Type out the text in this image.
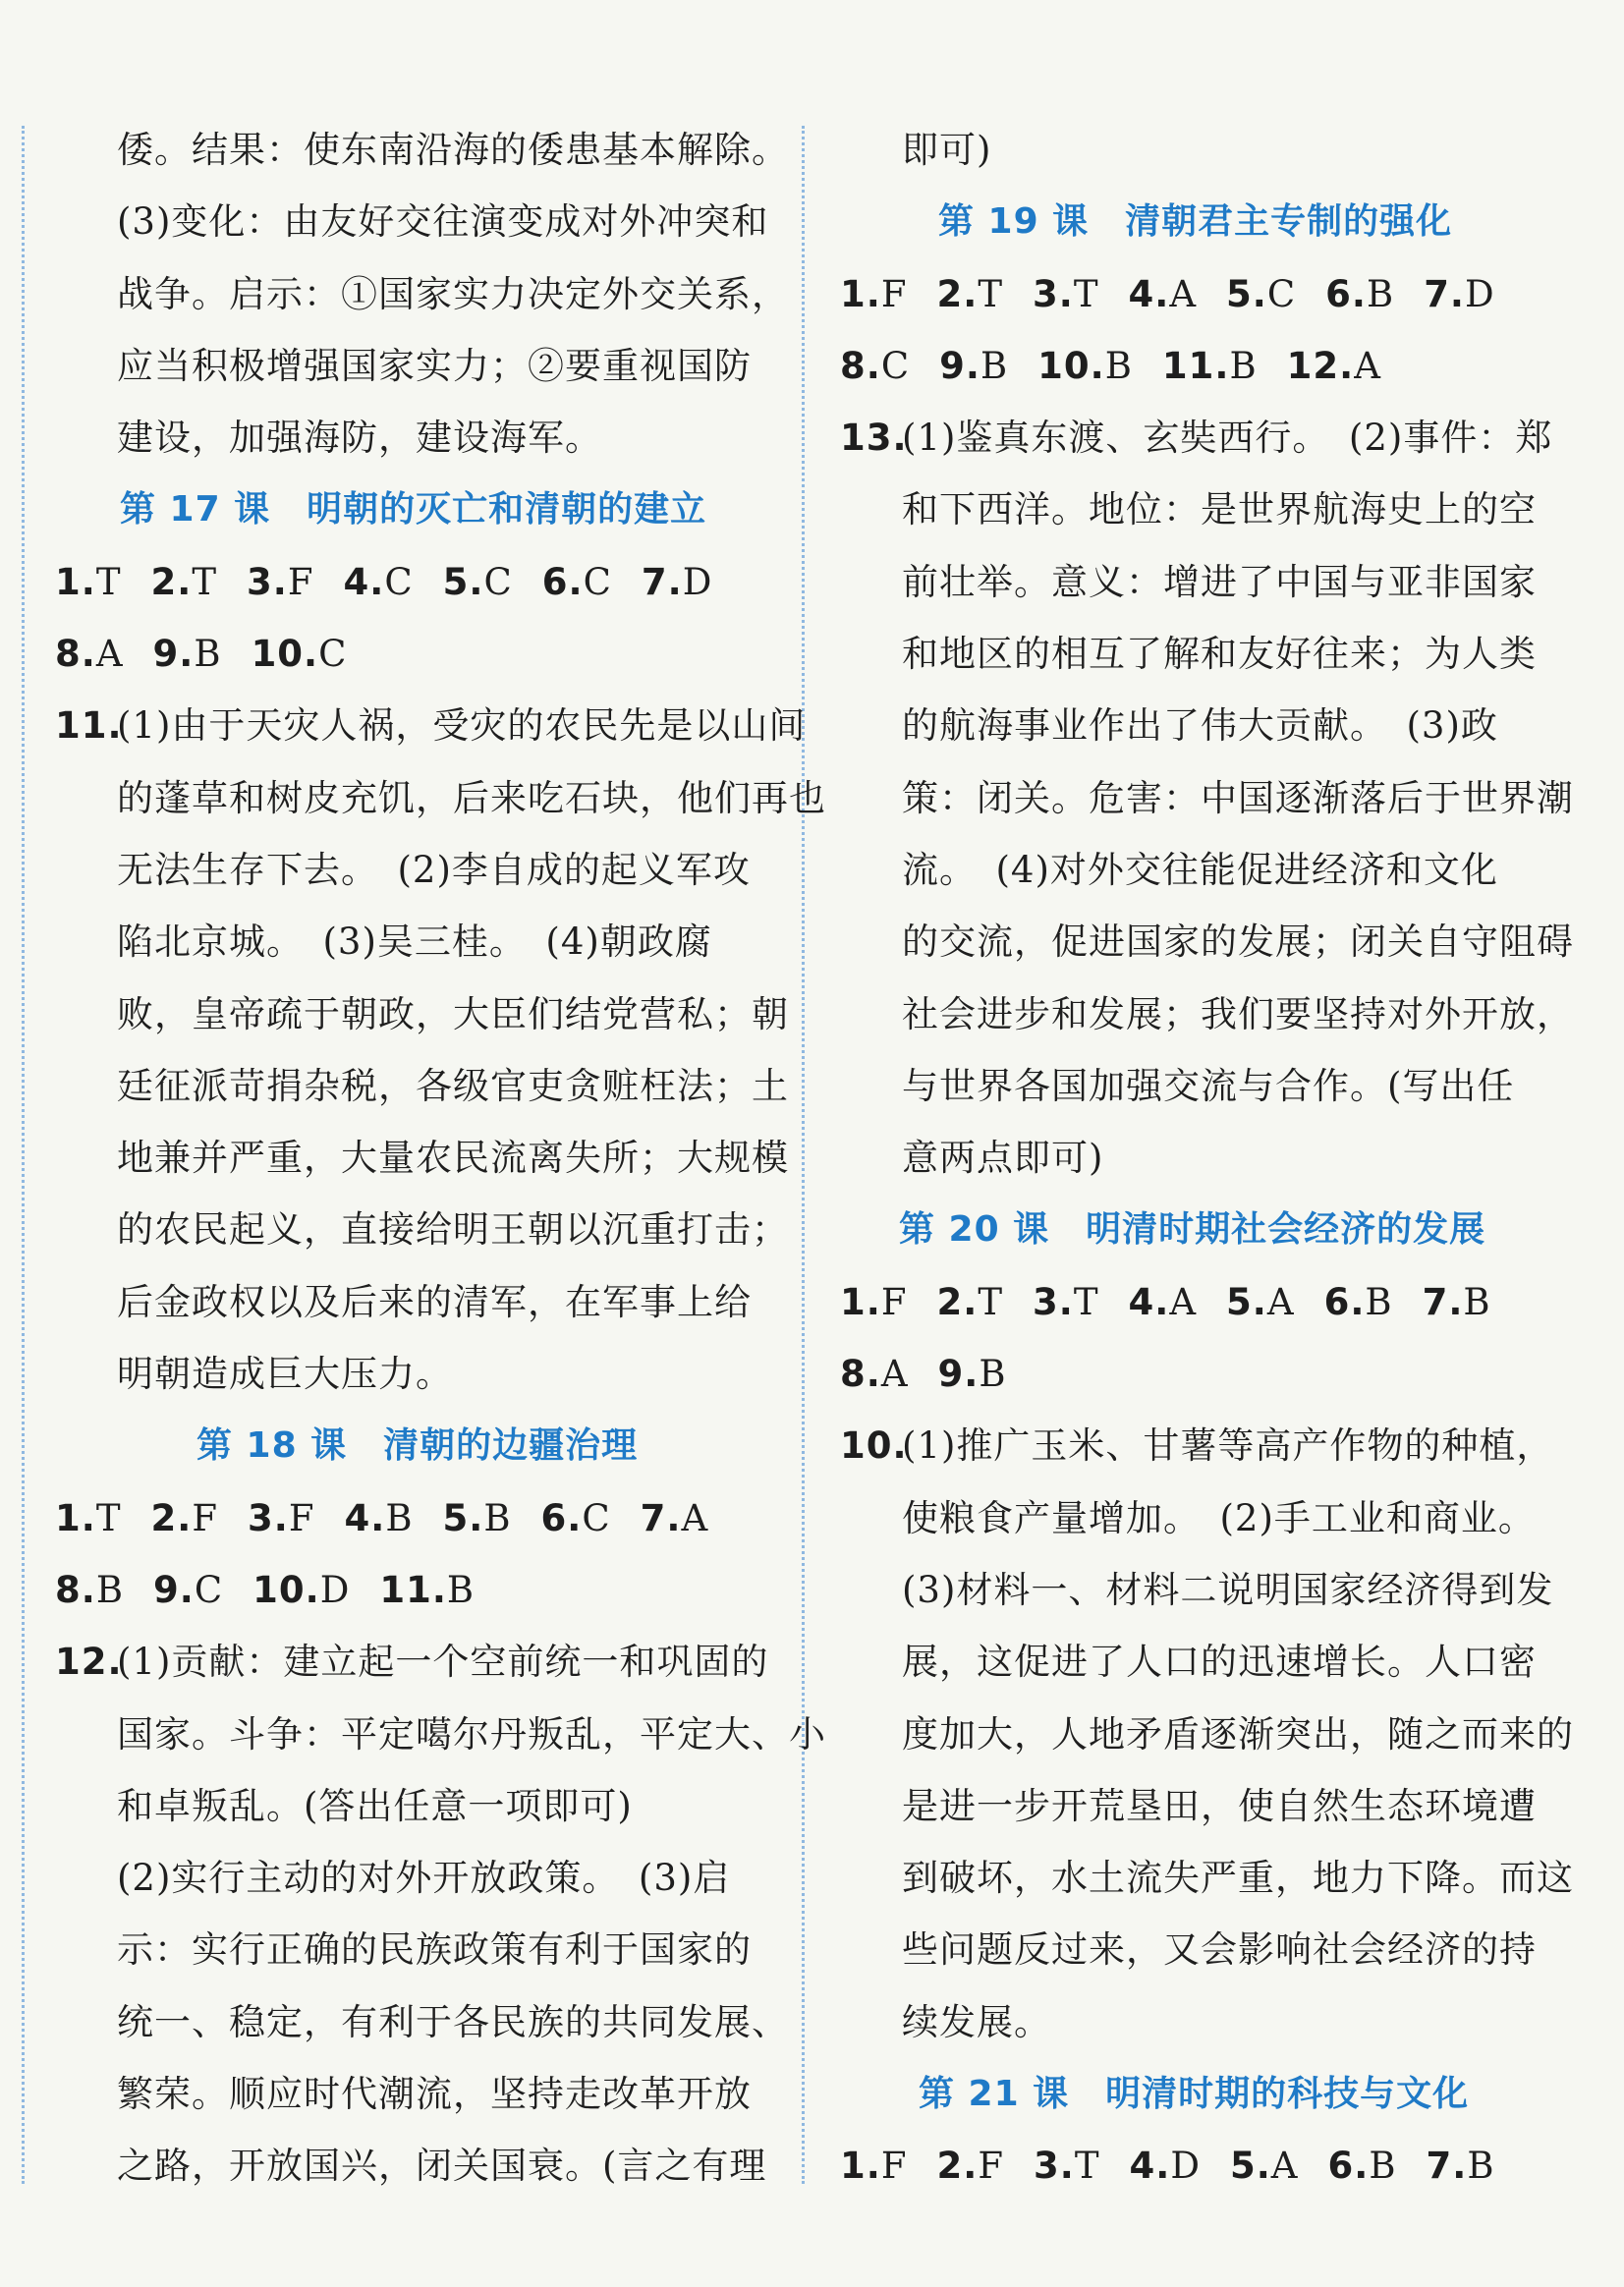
倭。结果：使东南沿海的倭患基本解除。
(3)变化：由友好交往演变成对外冲突和
战争。启示：①国家实力决定外交关系，
应当积极增强国家实力；②要重视国防
建设，加强海防，建设海军。
第 17 课　明朝的灭亡和清朝的建立
1.T 2.T 3.F 4.C 5.C 6.C 7.D
8.A 9.B 10.C
11.(1)由于天灾人祸，受灾的农民先是以山间
的蓬草和树皮充饥，后来吃石块，他们再也
无法生存下去。　(2)李自成的起义军攻
陷北京城。　(3)吴三桂。　(4)朝政腐
败，皇帝疏于朝政，大臣们结党营私；朝
廷征派苛捐杂税，各级官吏贪赃枉法；土
地兼并严重，大量农民流离失所；大规模
的农民起义，直接给明王朝以沉重打击；
后金政权以及后来的清军，在军事上给
明朝造成巨大压力。
第 18 课　清朝的边疆治理
1.T 2.F 3.F 4.B 5.B 6.C 7.A
8.B 9.C 10.D 11.B
12.(1)贡献：建立起一个空前统一和巩固的
国家。斗争：平定噶尔丹叛乱，平定大、小
和卓叛乱。(答出任意一项即可)
(2)实行主动的对外开放政策。　(3)启
示：实行正确的民族政策有利于国家的
统一、稳定，有利于各民族的共同发展、
繁荣。顺应时代潮流，坚持走改革开放
之路，开放国兴，闭关国衰。(言之有理
即可)
第 19 课　清朝君主专制的强化
1.F 2.T 3.T 4.A 5.C 6.B 7.D
8.C 9.B 10.B 11.B 12.A
13.(1)鉴真东渡、玄奘西行。　(2)事件：郑
和下西洋。地位：是世界航海史上的空
前壮举。意义：增进了中国与亚非国家
和地区的相互了解和友好往来；为人类
的航海事业作出了伟大贡献。　(3)政
策：闭关。危害：中国逐渐落后于世界潮
流。　(4)对外交往能促进经济和文化
的交流，促进国家的发展；闭关自守阻碍
社会进步和发展；我们要坚持对外开放，
与世界各国加强交流与合作。(写出任
意两点即可)
第 20 课　明清时期社会经济的发展
1.F 2.T 3.T 4.A 5.A 6.B 7.B
8.A 9.B
10.(1)推广玉米、甘薯等高产作物的种植，
使粮食产量增加。　(2)手工业和商业。
(3)材料一、材料二说明国家经济得到发
展，这促进了人口的迅速增长。人口密
度加大，人地矛盾逐渐突出，随之而来的
是进一步开荒垦田，使自然生态环境遭
到破坏，水土流失严重，地力下降。而这
些问题反过来，又会影响社会经济的持
续发展。
第 21 课　明清时期的科技与文化
1.F 2.F 3.T 4.D 5.A 6.B 7.B
